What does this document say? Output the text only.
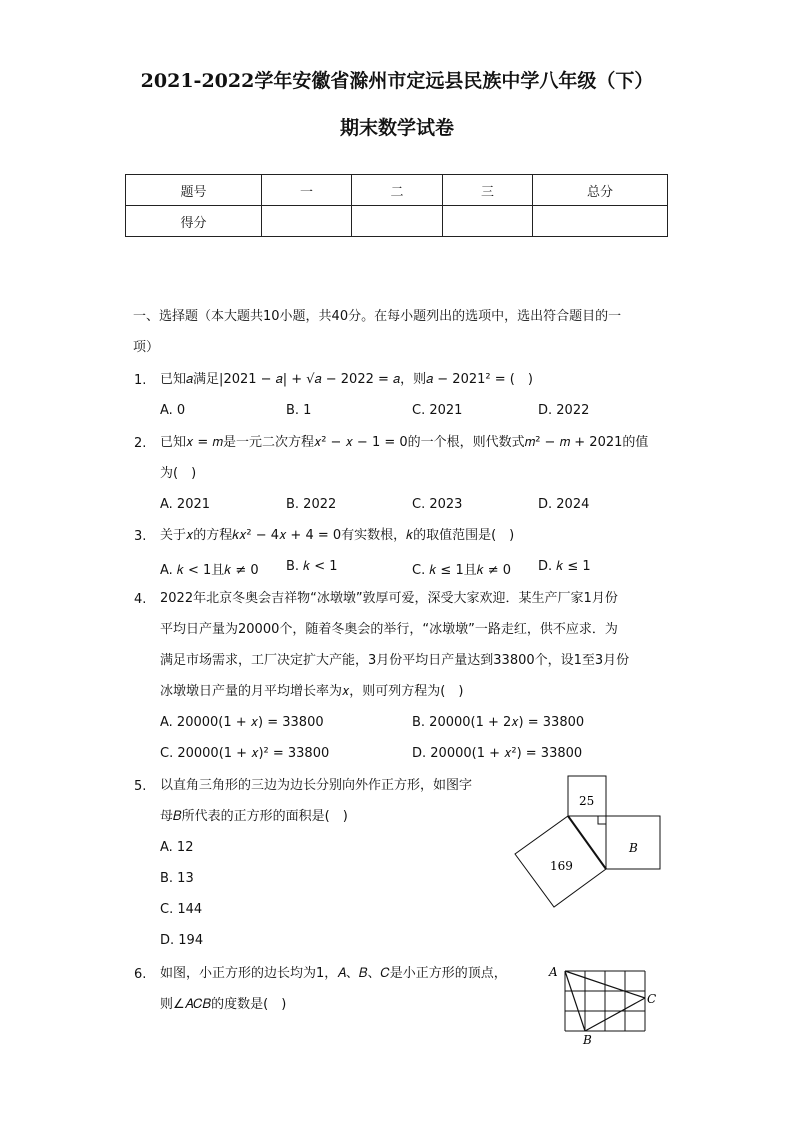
2021-2022学年安徽省滁州市定远县民族中学八年级（下）
期末数学试卷
题号	一	二	三	总分
得分				
一、选择题（本大题共10小题，共40分。在每小题列出的选项中，选出符合题目的一
项）
1. 已知𝑎满足|2021 − 𝑎| + √𝑎 − 2022 = 𝑎，则𝑎 − 2021² = (　)
A. 0	B. 1	C. 2021	D. 2022
2. 已知𝑥 = 𝑚是一元二次方程𝑥² − 𝑥 − 1 = 0的一个根，则代数式𝑚² − 𝑚 + 2021的值
为(　)
A. 2021	B. 2022	C. 2023	D. 2024
3. 关于𝑥的方程𝑘𝑥² − 4𝑥 + 4 = 0有实数根，𝑘的取值范围是(　)
A. 𝑘 < 1且𝑘 ≠ 0 B. 𝑘 < 1	C. 𝑘 ≤ 1且𝑘 ≠ 0 D. 𝑘 ≤ 1
4. 2022年北京冬奥会吉祥物“冰墩墩”敦厚可爱，深受大家欢迎．某生产厂家1月份
平均日产量为20000个，随着冬奥会的举行，“冰墩墩”一路走红，供不应求．为
满足市场需求，工厂决定扩大产能，3月份平均日产量达到33800个，设1至3月份
冰墩墩日产量的月平均增长率为𝑥，则可列方程为(　)
A. 20000(1 + 𝑥) = 33800	B. 20000(1 + 2𝑥) = 33800
C. 20000(1 + 𝑥)² = 33800	D. 20000(1 + 𝑥²) = 33800
5. 以直角三角形的三边为边长分别向外作正方形，如图字
母𝐵所代表的正方形的面积是(　)
A. 12
B. 13
C. 144
D. 194
25
169
B
6. 如图，小正方形的边长均为1，𝐴、𝐵、𝐶是小正方形的顶点，
则∠𝐴𝐶𝐵的度数是(　)
A
B
C
